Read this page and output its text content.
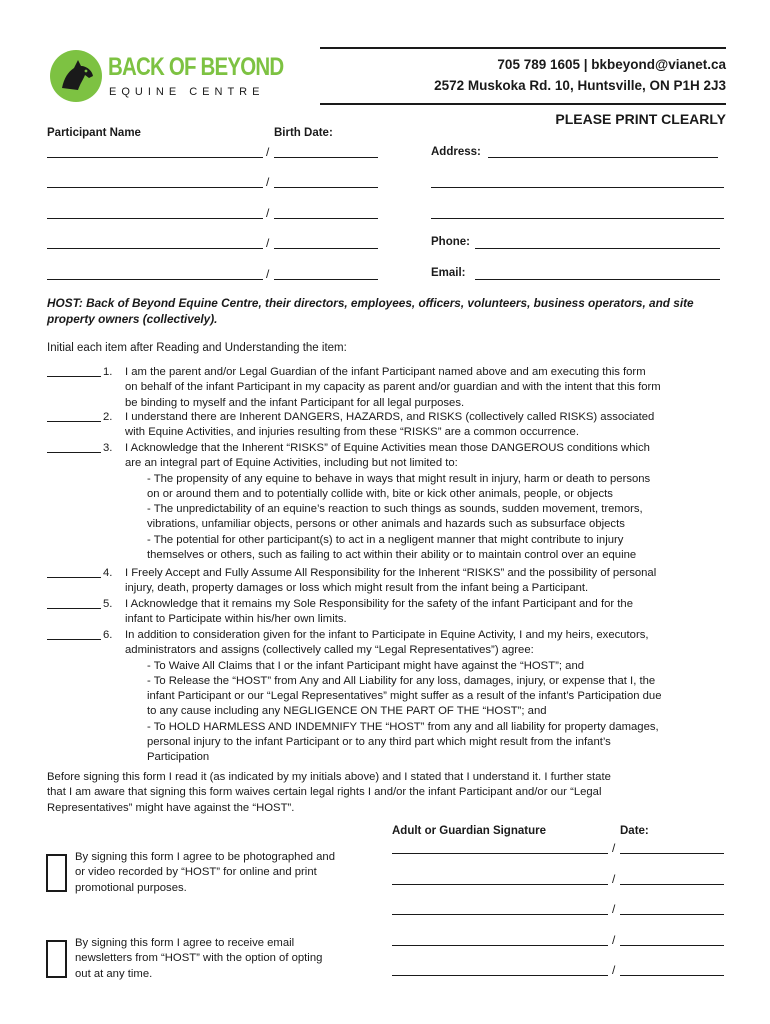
BACK OF BEYOND
EQUINE CENTRE
705 789 1605 | bkbeyond@vianet.ca
2572 Muskoka Rd. 10, Huntsville, ON P1H 2J3
PLEASE PRINT CLEARLY
Participant Name	Birth Date:
/
/
/
/
/
Address:
Phone:
Email:
HOST: Back of Beyond Equine Centre, their directors, employees, officers, volunteers, business operators, and site property owners (collectively).
Initial each item after Reading and Understanding the item:
1. I am the parent and/or Legal Guardian of the infant Participant named above and am executing this form
on behalf of the infant Participant in my capacity as parent and/or guardian and with the intent that this form
be binding to myself and the infant Participant for all legal purposes.
2. I understand there are Inherent DANGERS, HAZARDS, and RISKS (collectively called RISKS) associated
with Equine Activities, and injuries resulting from these “RISKS” are a common occurrence.
3. I Acknowledge that the Inherent “RISKS” of Equine Activities mean those DANGEROUS conditions which
are an integral part of Equine Activities, including but not limited to:
- The propensity of any equine to behave in ways that might result in injury, harm or death to persons
on or around them and to potentially collide with, bite or kick other animals, people, or objects
- The unpredictability of an equine’s reaction to such things as sounds, sudden movement, tremors,
vibrations, unfamiliar objects, persons or other animals and hazards such as subsurface objects
- The potential for other participant(s) to act in a negligent manner that might contribute to injury
themselves or others, such as failing to act within their ability or to maintain control over an equine
4. I Freely Accept and Fully Assume All Responsibility for the Inherent “RISKS” and the possibility of personal
injury, death, property damages or loss which might result from the infant being a Participant.
5. I Acknowledge that it remains my Sole Responsibility for the safety of the infant Participant and for the
infant to Participate within his/her own limits.
6. In addition to consideration given for the infant to Participate in Equine Activity, I and my heirs, executors,
administrators and assigns (collectively called my “Legal Representatives”) agree:
- To Waive All Claims that I or the infant Participant might have against the “HOST”; and
- To Release the “HOST” from Any and All Liability for any loss, damages, injury, or expense that I, the
infant Participant or our “Legal Representatives” might suffer as a result of the infant’s Participation due
to any cause including any NEGLIGENCE ON THE PART OF THE “HOST”; and
- To HOLD HARMLESS AND INDEMNIFY THE “HOST” from any and all liability for property damages,
personal injury to the infant Participant or to any third part which might result from the infant’s
Participation
Before signing this form I read it (as indicated by my initials above) and I stated that I understand it. I further state
that I am aware that signing this form waives certain legal rights I and/or the infant Participant and/or our “Legal
Representatives” might have against the “HOST”.
Adult or Guardian Signature	Date:
/
/
/
/
/
By signing this form I agree to be photographed and
or video recorded by “HOST” for online and print
promotional purposes.
By signing this form I agree to receive email
newsletters from “HOST” with the option of opting
out at any time.
